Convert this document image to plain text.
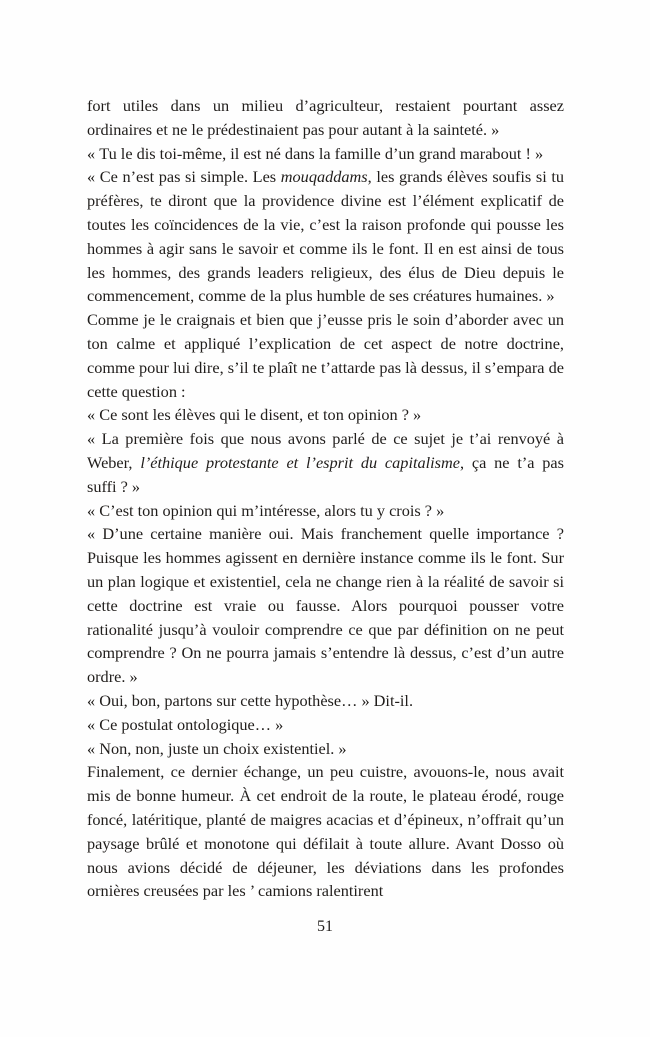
fort utiles dans un milieu d’agriculteur, restaient pourtant assez ordinaires et ne le prédestinaient pas pour autant à la sainteté. »

« Tu le dis toi-même, il est né dans la famille d’un grand marabout ! »

« Ce n’est pas si simple. Les mouqaddams, les grands élèves soufis si tu préfères, te diront que la providence divine est l’élément explicatif de toutes les coïncidences de la vie, c’est la raison profonde qui pousse les hommes à agir sans le savoir et comme ils le font. Il en est ainsi de tous les hommes, des grands leaders religieux, des élus de Dieu depuis le commencement, comme de la plus humble de ses créatures humaines. »

Comme je le craignais et bien que j’eusse pris le soin d’aborder avec un ton calme et appliqué l’explication de cet aspect de notre doctrine, comme pour lui dire, s’il te plaît ne t’attarde pas là dessus, il s’empara de cette question :

« Ce sont les élèves qui le disent, et ton opinion ? »

« La première fois que nous avons parlé de ce sujet je t’ai renvoyé à Weber, l’éthique protestante et l’esprit du capitalisme, ça ne t’a pas suffi ? »

« C’est ton opinion qui m’intéresse, alors tu y crois ? »

« D’une certaine manière oui. Mais franchement quelle importance ? Puisque les hommes agissent en dernière instance comme ils le font. Sur un plan logique et existentiel, cela ne change rien à la réalité de savoir si cette doctrine est vraie ou fausse. Alors pourquoi pousser votre rationalité jusqu’à vouloir comprendre ce que par définition on ne peut comprendre ? On ne pourra jamais s’entendre là dessus, c’est d’un autre ordre. »

« Oui, bon, partons sur cette hypothèse… » Dit-il.

« Ce postulat ontologique… »

« Non, non, juste un choix existentiel. »

Finalement, ce dernier échange, un peu cuistre, avouons-le, nous avait mis de bonne humeur. À cet endroit de la route, le plateau érodé, rouge foncé, latéritique, planté de maigres acacias et d’épineux, n’offrait qu’un paysage brûlé et monotone qui défilait à toute allure. Avant Dosso où nous avions décidé de déjeuner, les déviations dans les profondes ornières creusées par les ’ camions ralentirent

51
